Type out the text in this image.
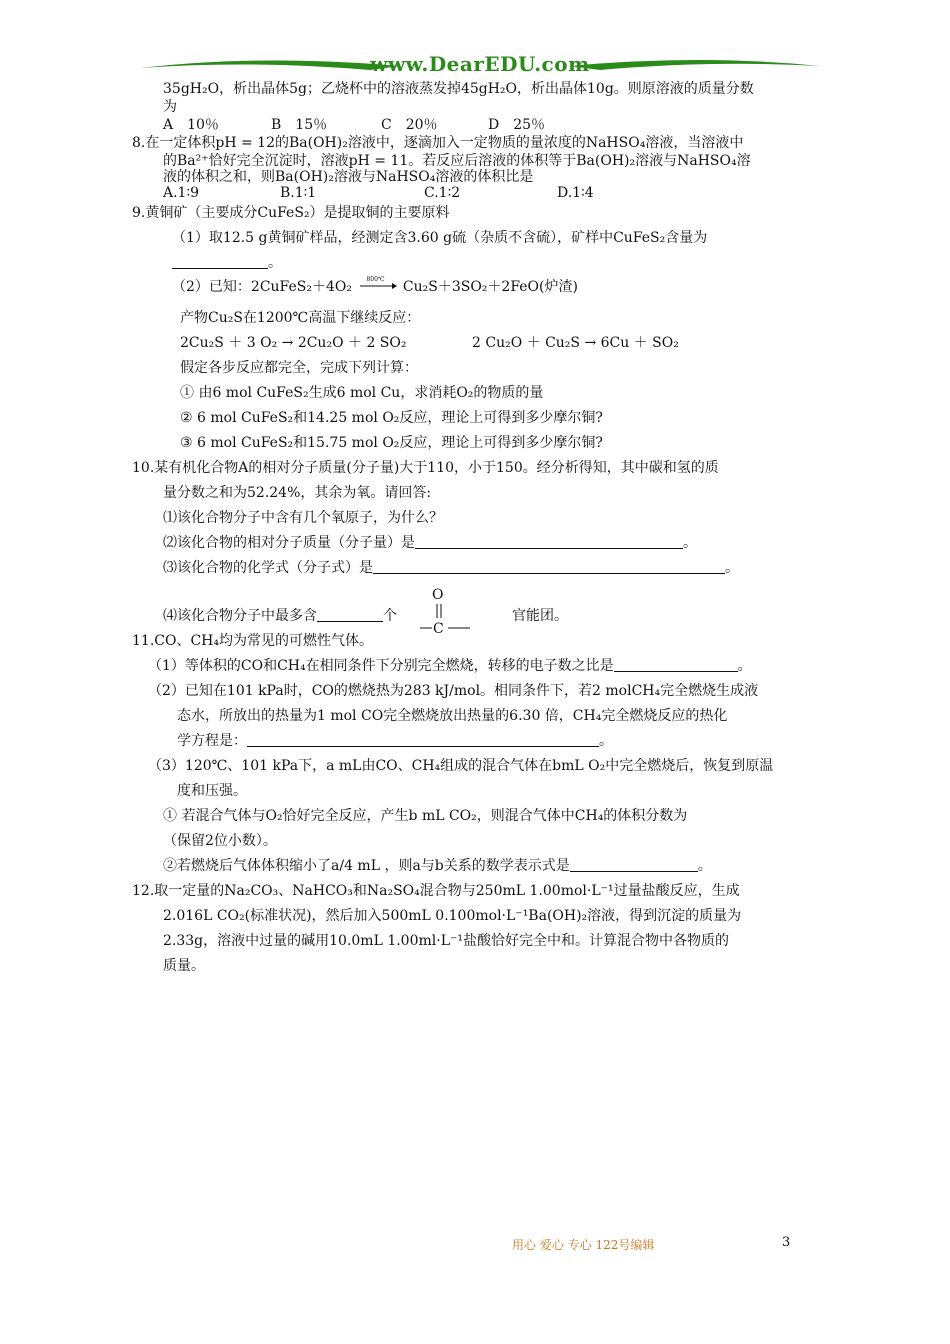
www.DearEDU.com
35gH₂O，析出晶体5g；乙烧杯中的溶液蒸发掉45gH₂O，析出晶体10g。则原溶液的质量分数
为
A　10％	B　15％	C　20％	D　25％
8.在一定体积pH = 12的Ba(OH)₂溶液中，逐滴加入一定物质的量浓度的NaHSO₄溶液，当溶液中
的Ba²⁺恰好完全沉淀时，溶液pH = 11。若反应后溶液的体积等于Ba(OH)₂溶液与NaHSO₄溶
液的体积之和，则Ba(OH)₂溶液与NaHSO₄溶液的体积比是
A.1∶9	B.1∶1	C.1∶2	D.1∶4
9.黄铜矿（主要成分CuFeS₂）是提取铜的主要原料
（1）取12.5 g黄铜矿样品，经测定含3.60 g硫（杂质不含硫），矿样中CuFeS₂含量为
。
（2）已知：2CuFeS₂＋4O₂ 800℃ Cu₂S＋3SO₂＋2FeO(炉渣)
产物Cu₂S在1200℃高温下继续反应：
2Cu₂S ＋ 3 O₂ → 2Cu₂O ＋ 2 SO₂	2 Cu₂O ＋ Cu₂S → 6Cu ＋ SO₂
假定各步反应都完全，完成下列计算：
① 由6 mol CuFeS₂生成6 mol Cu，求消耗O₂的物质的量
② 6 mol CuFeS₂和14.25 mol O₂反应，理论上可得到多少摩尔铜?
③ 6 mol CuFeS₂和15.75 mol O₂反应，理论上可得到多少摩尔铜?
10.某有机化合物A的相对分子质量(分子量)大于110，小于150。经分析得知，其中碳和氢的质
量分数之和为52.24%，其余为氧。请回答:
⑴该化合物分子中含有几个氧原子，为什么？
⑵该化合物的相对分子质量（分子量）是	。
⑶该化合物的化学式（分子式）是	。
⑷该化合物分子中最多含	个
O
C
官能团。
11.CO、CH₄均为常见的可燃性气体。
（1）等体积的CO和CH₄在相同条件下分别完全燃烧，转移的电子数之比是	。
（2）已知在101 kPa时，CO的燃烧热为283 kJ/mol。相同条件下，若2 molCH₄完全燃烧生成液
态水，所放出的热量为1 mol CO完全燃烧放出热量的6.30 倍，CH₄完全燃烧反应的热化
学方程是：	。
（3）120℃、101 kPa下，a mL由CO、CH₄组成的混合气体在bmL O₂中完全燃烧后，恢复到原温
度和压强。
① 若混合气体与O₂恰好完全反应，产生b mL CO₂，则混合气体中CH₄的体积分数为
（保留2位小数）。
②若燃烧后气体体积缩小了a/4 mL ，则a与b关系的数学表示式是	。
12.取一定量的Na₂CO₃、NaHCO₃和Na₂SO₄混合物与250mL 1.00mol·L⁻¹过量盐酸反应，生成
2.016L CO₂(标准状况)，然后加入500mL 0.100mol·L⁻¹Ba(OH)₂溶液，得到沉淀的质量为
2.33g，溶液中过量的碱用10.0mL 1.00ml·L⁻¹盐酸恰好完全中和。计算混合物中各物质的
质量。
用心 爱心 专心 122号编辑	3
